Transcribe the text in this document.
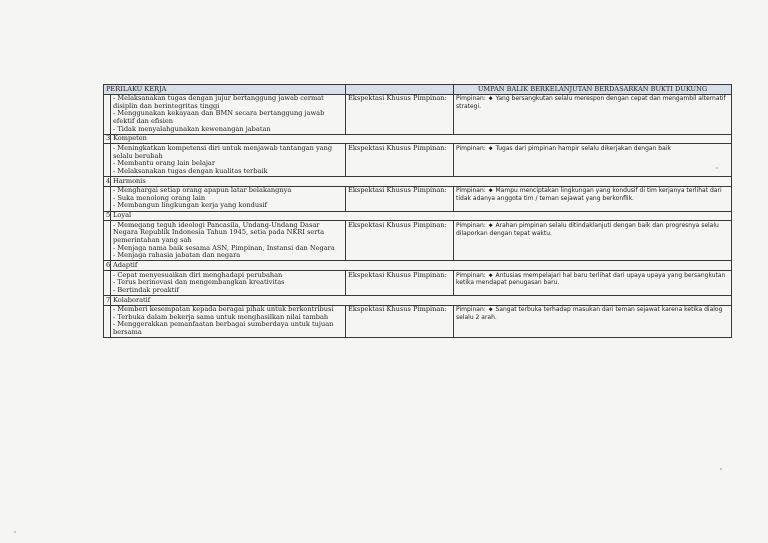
PERILAKU KERJA			UMPAN BALIK BERKELANJUTAN BERDASARKAN BUKTI DUKUNG

	- Melaksanakan tugas dengan jujur bertanggung jawab cermat disiplin dan berintegritas tinggi
- Menggunakan kekayaan dan BMN secara bertanggung jawab efektif dan efisien
- Tidak menyalahgunakan kewenangan jabatan	Ekspektasi Khusus Pimpinan:	Pimpinan: ◆ Yang bersangkutan selalu merespon dengan cepat dan mengambil alternatif strategi.
3	Kompeten		

	- Meningkatkan kompetensi diri untuk menjawab tantangan yang selalu berubah
- Membantu orang lain belajar
- Melaksanakan tugas dengan kualitas terbaik	Ekspektasi Khusus Pimpinan:	Pimpinan: ◆ Tugas dari pimpinan hampir selalu dikerjakan dengan baik
4	Harmonis		

	- Menghargai setiap orang apapun latar belakangnya
- Suka menolong orang lain
- Membangun lingkungan kerja yang kondusif	Ekspektasi Khusus Pimpinan:	Pimpinan: ◆ Mampu menciptakan lingkungan yang kondusif di tim kerjanya terlihat dari tidak adanya anggota tim / teman sejawat yang berkonflik.
5	Loyal		

	- Memegang teguh ideologi Pancasila, Undang-Undang Dasar Negara Republik Indonesia Tahun 1945, setia pada NKRI serta pemerintahan yang sah
- Menjaga nama baik sesama ASN, Pimpinan, Instansi dan Negara
- Menjaga rahasia jabatan dan negara	Ekspektasi Khusus Pimpinan:	Pimpinan: ◆ Arahan pimpinan selalu ditindaklanjuti dengan baik dan progresnya selalu dilaporkan dengan tepat waktu.
6	Adaptif		

	- Cepat menyesuaikan diri menghadapi perubahan
- Terus berinovasi dan mengembangkan kreativitas
- Bertindak proaktif	Ekspektasi Khusus Pimpinan:	Pimpinan: ◆ Antusias mempelajari hal baru terlihat dari upaya upaya yang bersangkutan ketika mendapat penugasan baru.
7	Kolaboratif		

	- Memberi kesempatan kepada beragai pihak untuk berkontribusi
- Terbuka dalam bekerja sama untuk menghasilkan nilai tambah
- Menggerakkan pemanfaatan berbagai sumberdaya untuk tujuan bersama	Ekspektasi Khusus Pimpinan:	Pimpinan: ◆ Sangat terbuka terhadap masukan dari teman sejawat karena ketika dialog selalu 2 arah.
